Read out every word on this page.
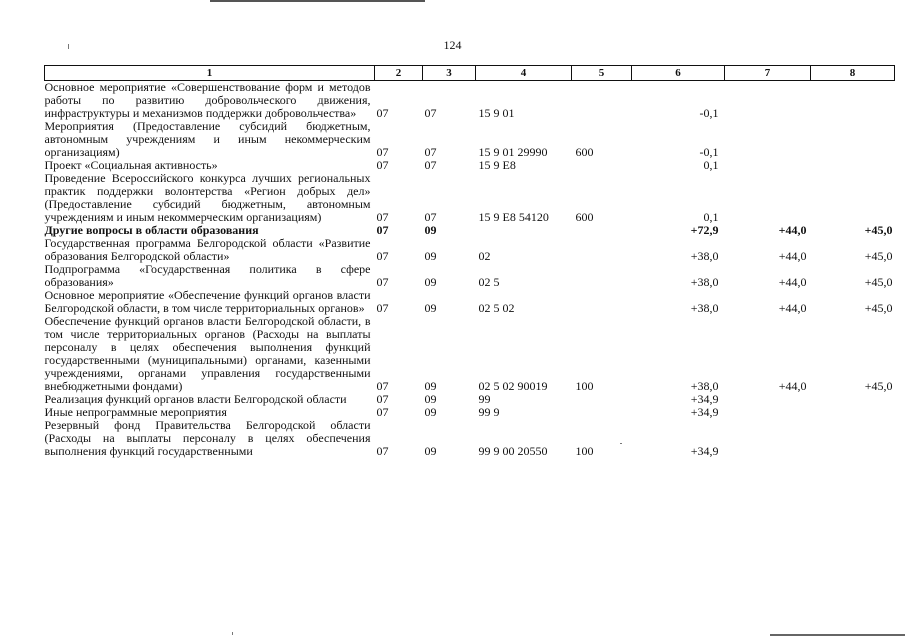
124
1	2	3	4	5	6	7	8
Основное мероприятие «Совершенствование форм и методов работы по развитию добровольческого движения, инфраструктуры и механизмов поддержки добровольчества»	07	07	15 9 01		-0,1		
Мероприятия (Предоставление субсидий бюджетным, автономным учреждениям и иным некоммерческим организациям)	07	07	15 9 01 29990	600	-0,1		
Проект «Социальная активность»	07	07	15 9 E8		0,1		
Проведение Всероссийского конкурса лучших региональных практик поддержки волонтерства «Регион добрых дел» (Предоставление субсидий бюджетным, автономным учреждениям и иным некоммерческим организациям)	07	07	15 9 E8 54120	600	0,1		
Другие вопросы в области образования	07	09			+72,9	+44,0	+45,0
Государственная программа Белгородской области «Развитие образования Белгородской области»	07	09	02		+38,0	+44,0	+45,0
Подпрограмма «Государственная политика в сфере образования»	07	09	02 5		+38,0	+44,0	+45,0
Основное мероприятие «Обеспечение функций органов власти Белгородской области, в том числе территориальных органов»	07	09	02 5 02		+38,0	+44,0	+45,0
Обеспечение функций органов власти Белгородской области, в том числе территориальных органов (Расходы на выплаты персоналу в целях обеспечения выполнения функций государственными (муниципальными) органами, казенными учреждениями, органами управления государственными внебюджетными фондами)	07	09	02 5 02 90019	100	+38,0	+44,0	+45,0
Реализация функций органов власти Белгородской области	07	09	99		+34,9		
Иные непрограммные мероприятия	07	09	99 9		+34,9		
Резервный фонд Правительства Белгородской области (Расходы на выплаты персоналу в целях обеспечения выполнения функций государственными	07	09	99 9 00 20550	100	+34,9		
